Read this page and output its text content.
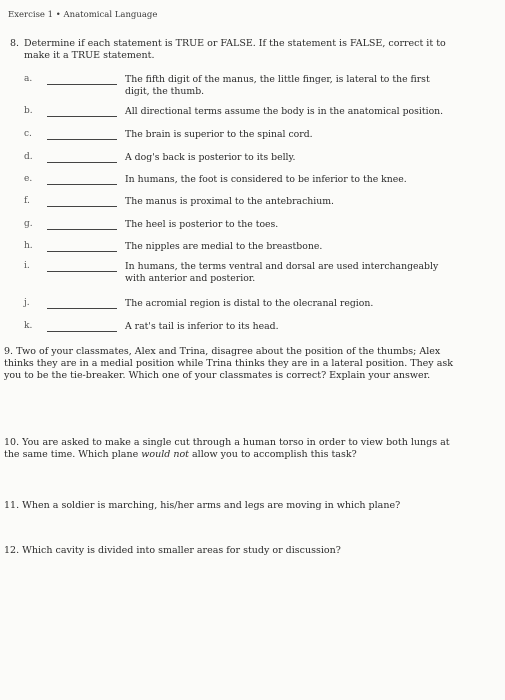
Exercise 1 • Anatomical Language
8. Determine if each statement is TRUE or FALSE. If the statement is FALSE, correct it to
make it a TRUE statement.
a.	The fifth digit of the manus, the little finger, is lateral to the first digit, the thumb.
b.	All directional terms assume the body is in the anatomical position.
c.	The brain is superior to the spinal cord.
d.	A dog's back is posterior to its belly.
e.	In humans, the foot is considered to be inferior to the knee.
f.	The manus is proximal to the antebrachium.
g.	The heel is posterior to the toes.
h.	The nipples are medial to the breastbone.
i.	In humans, the terms ventral and dorsal are used interchangeably with anterior and posterior.
j.	The acromial region is distal to the olecranal region.
k.	A rat's tail is inferior to its head.
9. Two of your classmates, Alex and Trina, disagree about the position of the thumbs; Alex thinks they are in a medial position while Trina thinks they are in a lateral position. They ask you to be the tie-breaker. Which one of your classmates is correct? Explain your answer.
10. You are asked to make a single cut through a human torso in order to view both lungs at the same time. Which plane would not allow you to accomplish this task?
11. When a soldier is marching, his/her arms and legs are moving in which plane?
12. Which cavity is divided into smaller areas for study or discussion?
